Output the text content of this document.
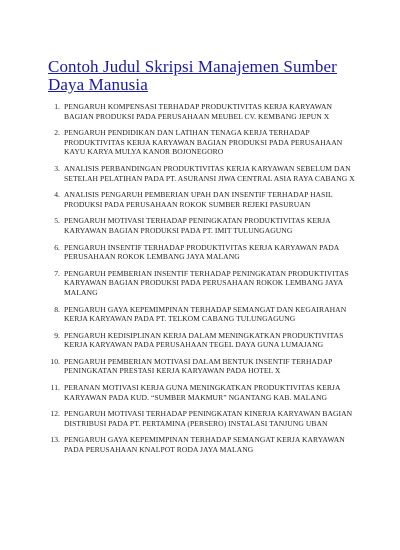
Contoh Judul Skripsi Manajemen Sumber Daya Manusia
1. PENGARUH KOMPENSASI TERHADAP PRODUKTIVITAS KERJA KARYAWAN BAGIAN PRODUKSI PADA PERUSAHAAN MEUBEL CV. KEMBANG JEPUN X
2. PENGARUH PENDIDIKAN DAN LATIHAN TENAGA KERJA TERHADAP PRODUKTIVITAS KERJA KARYAWAN BAGIAN PRODUKSI PADA PERUSAHAAN KAYU KARYA MULYA KANOR BOJONEGORO
3. ANALISIS PERBANDINGAN PRODUKTIVITAS KERJA KARYAWAN SEBELUM DAN SETELAH PELATIHAN PADA PT. ASURANSI JIWA CENTRAL ASIA RAYA CABANG X
4. ANALISIS PENGARUH PEMBERIAN UPAH DAN INSENTIF TERHADAP HASIL PRODUKSI PADA PERUSAHAAN ROKOK SUMBER REJEKI PASURUAN
5. PENGARUH MOTIVASI TERHADAP PENINGKATAN PRODUKTIVITAS KERJA KARYAWAN BAGIAN PRODUKSI PADA PT. IMIT TULUNGAGUNG
6. PENGARUH INSENTIF TERHADAP PRODUKTIVITAS KERJA KARYAWAN PADA PERUSAHAAN ROKOK LEMBANG JAYA MALANG
7. PENGARUH PEMBERIAN INSENTIF TERHADAP PENINGKATAN PRODUKTIVITAS KARYAWAN BAGIAN PRODUKSI PADA PERUSAHAAN ROKOK LEMBANG JAYA MALANG
8. PENGARUH GAYA KEPEMIMPINAN TERHADAP SEMANGAT DAN KEGAIRAHAN KERJA KARYAWAN PADA PT. TELKOM CABANG TULUNGAGUNG
9. PENGARUH KEDISIPLINAN KERJA DALAM MENINGKATKAN PRODUKTIVITAS KERJA KARYAWAN PADA PERUSAHAAN TEGEL DAYA GUNA LUMAJANG
10. PENGARUH PEMBERIAN MOTIVASI DALAM BENTUK INSENTIF TERHADAP PENINGKATAN PRESTASI KERJA KARYAWAN PADA HOTEL X
11. PERANAN MOTIVASI KERJA GUNA MENINGKATKAN PRODUKTIVITAS KERJA KARYAWAN PADA KUD. “SUMBER MAKMUR” NGANTANG KAB. MALANG
12. PENGARUH MOTIVASI TERHADAP PENINGKATAN KINERJA KARYAWAN BAGIAN DISTRIBUSI PADA PT. PERTAMINA (PERSERO) INSTALASI TANJUNG UBAN
13. PENGARUH GAYA KEPEMIMPINAN TERHADAP SEMANGAT KERJA KARYAWAN PADA PERUSAHAAN KNALPOT RODA JAYA MALANG
